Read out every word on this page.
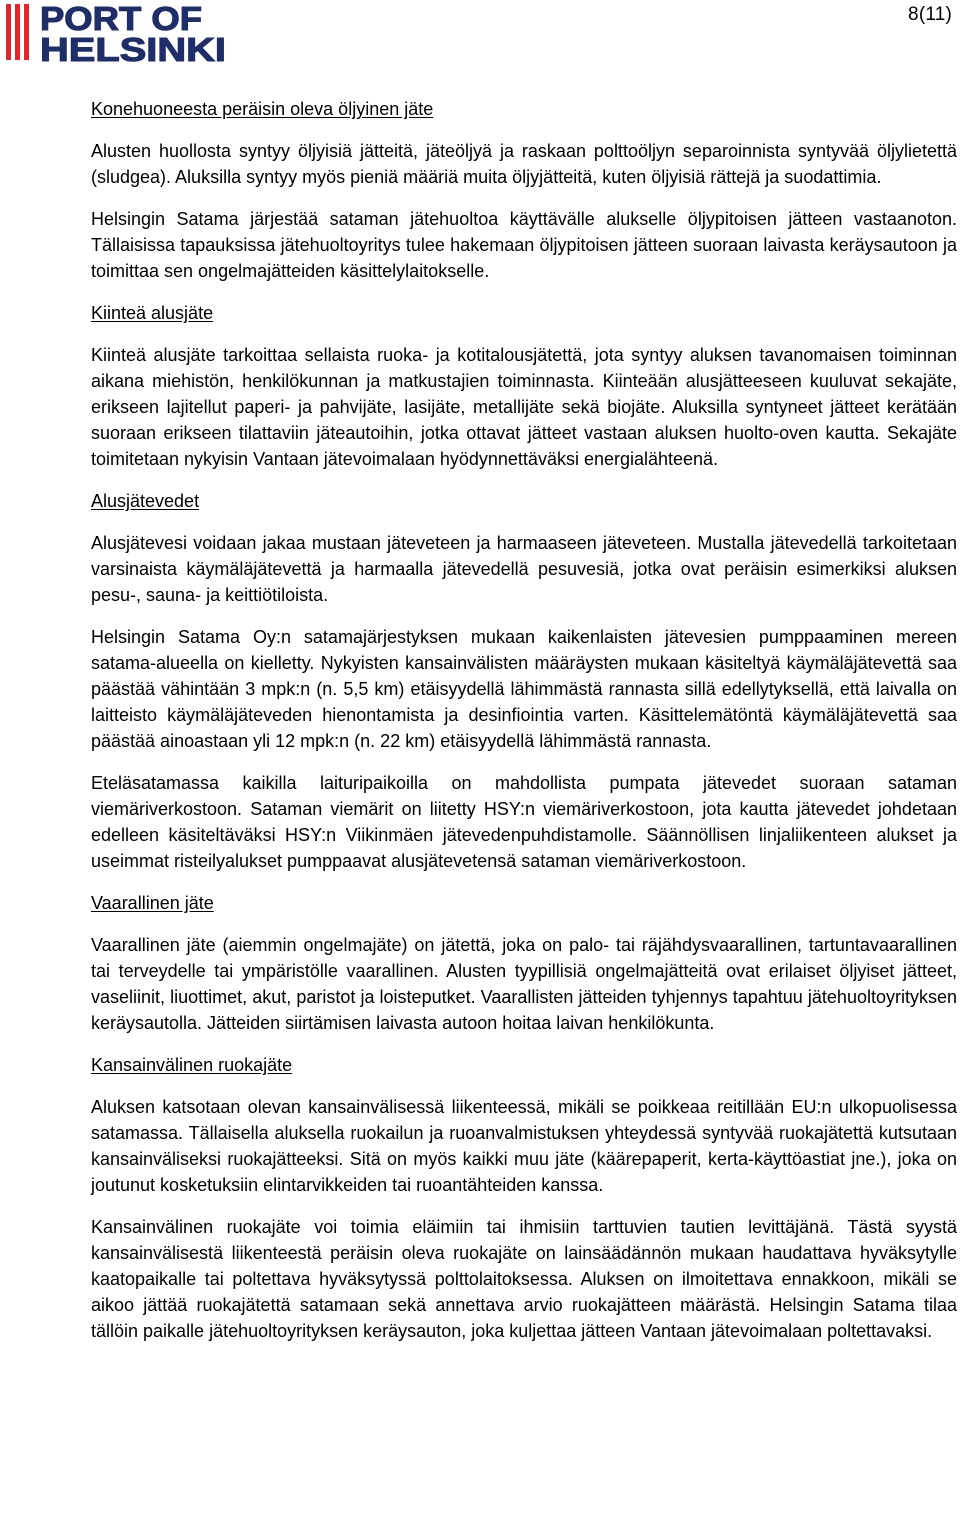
PORT OF
HELSINKI
8(11)
Konehuoneesta peräisin oleva öljyinen jäte

Alusten huollosta syntyy öljyisiä jätteitä, jäteöljyä ja raskaan polttoöljyn separoinnista syntyvää öljylietettä (sludgea). Aluksilla syntyy myös pieniä määriä muita öljyjätteitä, kuten öljyisiä rättejä ja suodattimia.

Helsingin Satama järjestää sataman jätehuoltoa käyttävälle alukselle öljypitoisen jätteen vastaanoton. Tällaisissa tapauksissa jätehuoltoyritys tulee hakemaan öljypitoisen jätteen suoraan laivasta keräysautoon ja toimittaa sen ongelmajätteiden käsittelylaitokselle.

Kiinteä alusjäte

Kiinteä alusjäte tarkoittaa sellaista ruoka- ja kotitalousjätettä, jota syntyy aluksen tavanomaisen toiminnan aikana miehistön, henkilökunnan ja matkustajien toiminnasta. Kiinteään alusjätteeseen kuuluvat sekajäte, erikseen lajitellut paperi- ja pahvijäte, lasijäte, metallijäte sekä biojäte. Aluksilla syntyneet jätteet kerätään suoraan erikseen tilattaviin jäteautoihin, jotka ottavat jätteet vastaan aluksen huolto-oven kautta. Sekajäte toimitetaan nykyisin Vantaan jätevoimalaan hyödynnettäväksi energialähteenä.

Alusjätevedet

Alusjätevesi voidaan jakaa mustaan jäteveteen ja harmaaseen jäteveteen. Mustalla jätevedellä tarkoitetaan varsinaista käymäläjätevettä ja harmaalla jätevedellä pesuvesiä, jotka ovat peräisin esimerkiksi aluksen pesu-, sauna- ja keittiötiloista.

Helsingin Satama Oy:n satamajärjestyksen mukaan kaikenlaisten jätevesien pumppaaminen mereen satama-alueella on kielletty. Nykyisten kansainvälisten määräysten mukaan käsiteltyä käymäläjätevettä saa päästää vähintään 3 mpk:n (n. 5,5 km) etäisyydellä lähimmästä rannasta sillä edellytyksellä, että laivalla on laitteisto käymäläjäteveden hienontamista ja desinfiointia varten. Käsittelemätöntä käymäläjätevettä saa päästää ainoastaan yli 12 mpk:n (n. 22 km) etäisyydellä lähimmästä rannasta.

Eteläsatamassa kaikilla laituripaikoilla on mahdollista pumpata jätevedet suoraan sataman viemäriverkostoon. Sataman viemärit on liitetty HSY:n viemäriverkostoon, jota kautta jätevedet johdetaan edelleen käsiteltäväksi HSY:n Viikinmäen jätevedenpuhdistamolle. Säännöllisen linjaliikenteen alukset ja useimmat risteilyalukset pumppaavat alusjätevetensä sataman viemäriverkostoon.

Vaarallinen jäte

Vaarallinen jäte (aiemmin ongelmajäte) on jätettä, joka on palo- tai räjähdysvaarallinen, tartuntavaarallinen tai terveydelle tai ympäristölle vaarallinen. Alusten tyypillisiä ongelmajätteitä ovat erilaiset öljyiset jätteet, vaseliinit, liuottimet, akut, paristot ja loisteputket. Vaarallisten jätteiden tyhjennys tapahtuu jätehuoltoyrityksen keräysautolla. Jätteiden siirtämisen laivasta autoon hoitaa laivan henkilökunta.

Kansainvälinen ruokajäte

Aluksen katsotaan olevan kansainvälisessä liikenteessä, mikäli se poikkeaa reitillään EU:n ulkopuolisessa satamassa. Tällaisella aluksella ruokailun ja ruoanvalmistuksen yhteydessä syntyvää ruokajätettä kutsutaan kansainväliseksi ruokajätteeksi. Sitä on myös kaikki muu jäte (käärepaperit, kerta-käyttöastiat jne.), joka on joutunut kosketuksiin elintarvikkeiden tai ruoantähteiden kanssa.

Kansainvälinen ruokajäte voi toimia eläimiin tai ihmisiin tarttuvien tautien levittäjänä. Tästä syystä kansainvälisestä liikenteestä peräisin oleva ruokajäte on lainsäädännön mukaan haudattava hyväksytylle kaatopaikalle tai poltettava hyväksytyssä polttolaitoksessa. Aluksen on ilmoitettava ennakkoon, mikäli se aikoo jättää ruokajätettä satamaan sekä annettava arvio ruokajätteen määrästä. Helsingin Satama tilaa tällöin paikalle jätehuoltoyrityksen keräysauton, joka kuljettaa jätteen Vantaan jätevoimalaan poltettavaksi.
